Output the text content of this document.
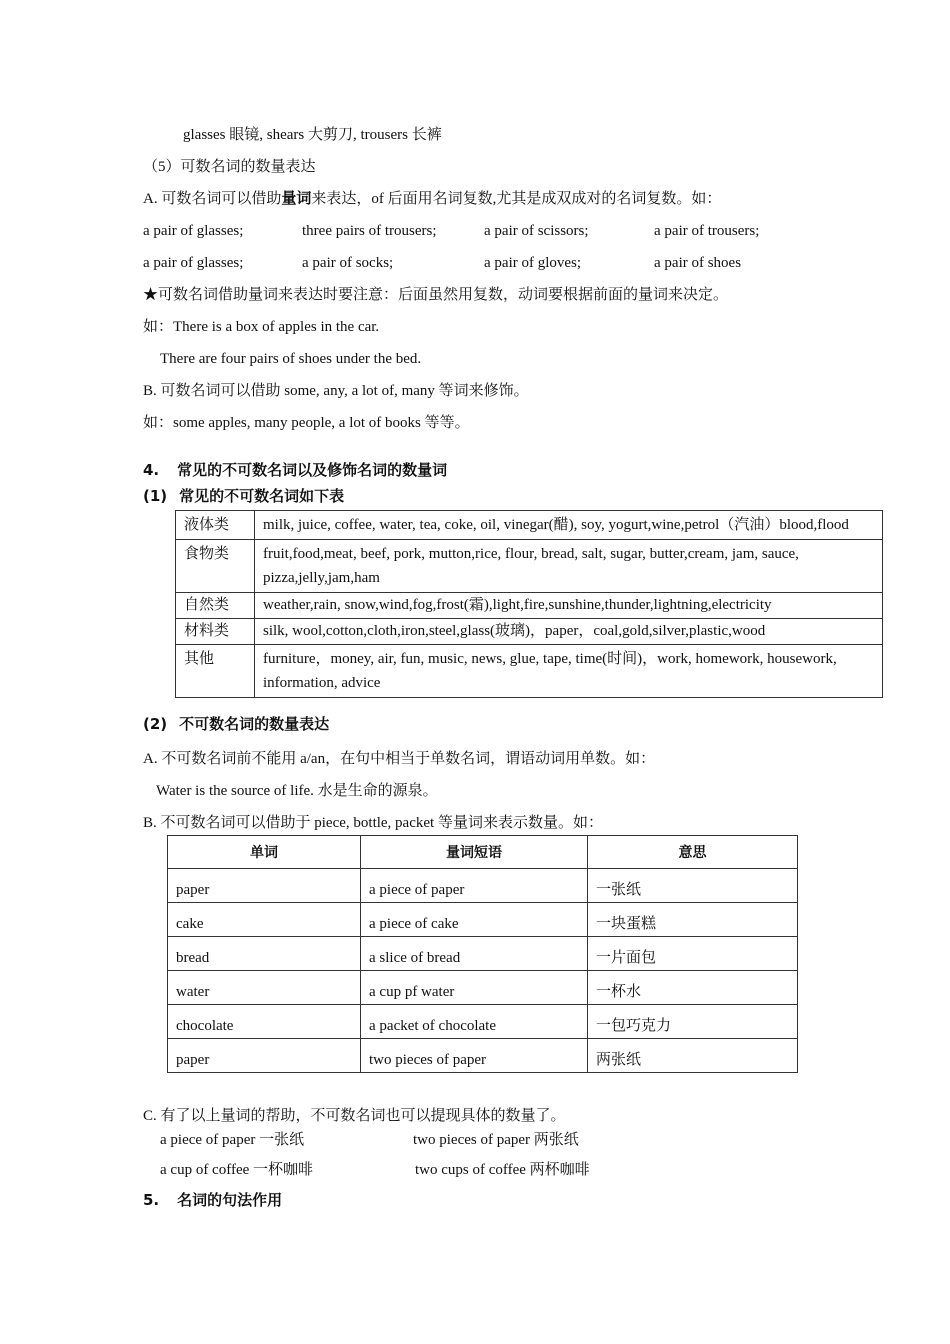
glasses 眼镜, shears 大剪刀, trousers 长裤
（5）可数名词的数量表达
A. 可数名词可以借助量词来表达，of 后面用名词复数,尤其是成双成对的名词复数。如：
a pair of glasses;	three pairs of trousers;	a pair of scissors;	a pair of trousers;
a pair of glasses;	a pair of socks;	a pair of gloves;	a pair of shoes
★可数名词借助量词来表达时要注意：后面虽然用复数，动词要根据前面的量词来决定。
如：There is a box of apples in the car.
There are four pairs of shoes under the bed.
B. 可数名词可以借助 some, any, a lot of, many 等词来修饰。
如：some apples, many people, a lot of books 等等。
4. 常见的不可数名词以及修饰名词的数量词
(1) 常见的不可数名词如下表
液体类	milk, juice, coffee, water, tea, coke, oil, vinegar(醋), soy, yogurt,wine,petrol（汽油）blood,flood
食物类	fruit,food,meat, beef, pork, mutton,rice, flour, bread, salt, sugar, butter,cream, jam, sauce, pizza,jelly,jam,ham
自然类	weather,rain, snow,wind,fog,frost(霜),light,fire,sunshine,thunder,lightning,electricity
材料类	silk, wool,cotton,cloth,iron,steel,glass(玻璃)，paper，coal,gold,silver,plastic,wood
其他	furniture，money, air, fun, music, news, glue, tape, time(时间)，work, homework, housework, information, advice
(2) 不可数名词的数量表达
A. 不可数名词前不能用 a/an，在句中相当于单数名词，谓语动词用单数。如：
Water is the source of life. 水是生命的源泉。
B. 不可数名词可以借助于 piece, bottle, packet 等量词来表示数量。如：
单词	量词短语	意思
paper	a piece of paper	一张纸
cake	a piece of cake	一块蛋糕
bread	a slice of bread	一片面包
water	a cup pf water	一杯水
chocolate	a packet of chocolate	一包巧克力
paper	two pieces of paper	两张纸
C. 有了以上量词的帮助，不可数名词也可以提现具体的数量了。
a piece of paper 一张纸	two pieces of paper 两张纸
a cup of coffee 一杯咖啡	two cups of coffee 两杯咖啡
5. 名词的句法作用
